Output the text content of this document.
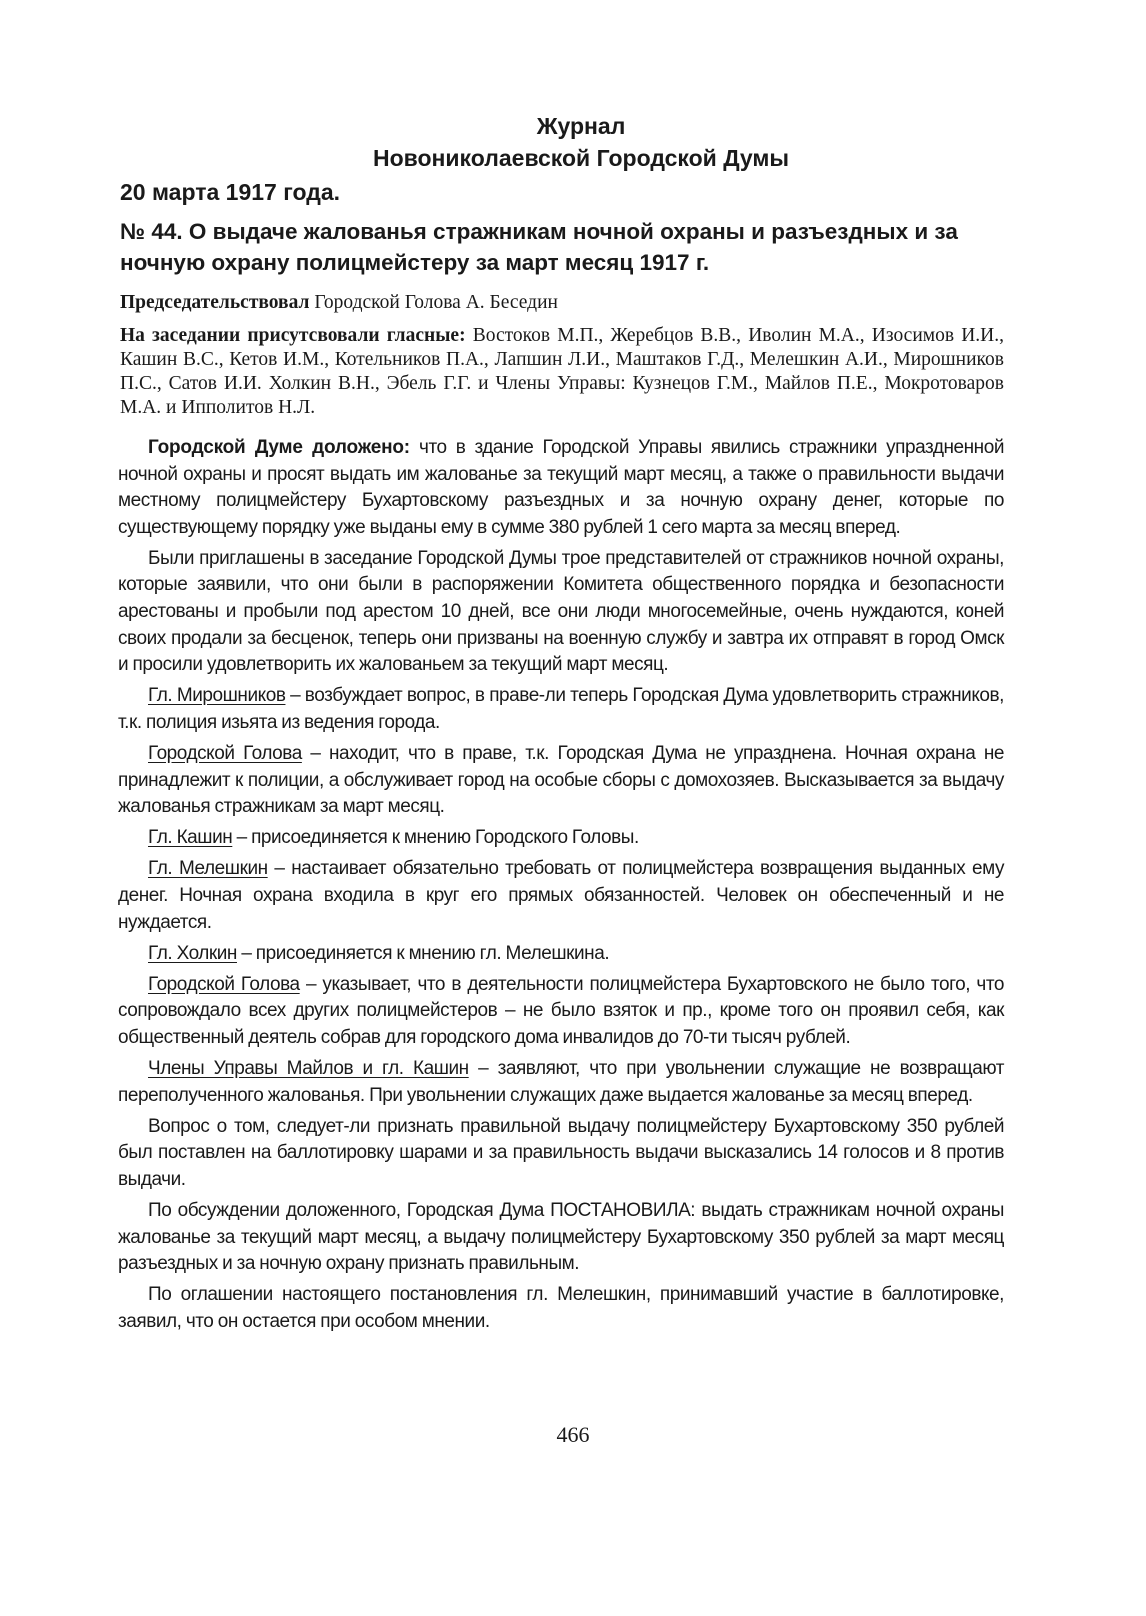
Журнал
Новониколаевской Городской Думы
20 марта 1917 года.
№ 44. О выдаче жалованья стражникам ночной охраны и разъездных и за
ночную охрану полицмейстеру за март месяц 1917 г.
Председательствовал Городской Голова А. Беседин
На заседании присутсвовали гласные: Востоков М.П., Жеребцов В.В., Иволин М.А., Изосимов И.И., Кашин В.С., Кетов И.М., Котельников П.А., Лапшин Л.И., Маштаков Г.Д., Мелешкин А.И., Мирошников П.С., Сатов И.И. Холкин В.Н., Эбель Г.Г. и Члены Управы: Кузнецов Г.М., Майлов П.Е., Мокротоваров М.А. и Ипполитов Н.Л.

Городской Думе доложено: что в здание Городской Управы явились стражники упраздненной ночной охраны и просят выдать им жалованье за текущий март месяц, а также о правильности выдачи местному полицмейстеру Бухартовскому разъездных и за ночную охрану денег, которые по существующему порядку уже выданы ему в сумме 380 рублей 1 сего марта за месяц вперед.

Были приглашены в заседание Городской Думы трое представителей от стражников ночной охраны, которые заявили, что они были в распоряжении Комитета общественного порядка и безопасности арестованы и пробыли под арестом 10 дней, все они люди многосемейные, очень нуждаются, коней своих продали за бесценок, теперь они призваны на военную службу и завтра их отправят в город Омск и просили удовлетворить их жалованьем за текущий март месяц.

Гл. Мирошников – возбуждает вопрос, в праве-ли теперь Городская Дума удовлетворить стражников, т.к. полиция изьята из ведения города.

Городской Голова – находит, что в праве, т.к. Городская Дума не упразднена. Ночная охрана не принадлежит к полиции, а обслуживает город на особые сборы с домохозяев. Высказывается за выдачу жалованья стражникам за март месяц.

Гл. Кашин – присоединяется к мнению Городского Головы.

Гл. Мелешкин – настаивает обязательно требовать от полицмейстера возвращения выданных ему денег. Ночная охрана входила в круг его прямых обязанностей. Человек он обеспеченный и не нуждается.

Гл. Холкин – присоединяется к мнению гл. Мелешкина.

Городской Голова – указывает, что в деятельности полицмейстера Бухартовского не было того, что сопровождало всех других полицмейстеров – не было взяток и пр., кроме того он проявил себя, как общественный деятель собрав для городского дома инвалидов до 70-ти тысяч рублей.

Члены Управы Майлов и гл. Кашин – заявляют, что при увольнении служащие не возвращают переполученного жалованья. При увольнении служащих даже выдается жалованье за месяц вперед.

Вопрос о том, следует-ли признать правильной выдачу полицмейстеру Бухартовскому 350 рублей был поставлен на баллотировку шарами и за правильность выдачи высказались 14 голосов и 8 против выдачи.

По обсуждении доложенного, Городская Дума ПОСТАНОВИЛА: выдать стражникам ночной охраны жалованье за текущий март месяц, а выдачу полицмейстеру Бухартовскому 350 рублей за март месяц разъездных и за ночную охрану признать правильным.

По оглашении настоящего постановления гл. Мелешкин, принимавший участие в баллотировке, заявил, что он остается при особом мнении.

466
